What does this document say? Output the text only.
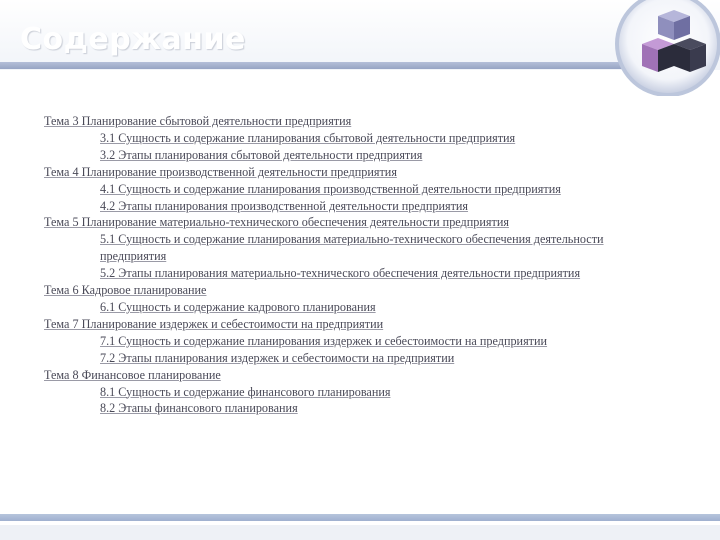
Содержание
Тема 3 Планирование сбытовой деятельности предприятия
3.1 Сущность и содержание планирования сбытовой деятельности предприятия
3.2 Этапы планирования сбытовой деятельности предприятия
Тема 4 Планирование производственной деятельности предприятия
4.1 Сущность и содержание планирования производственной деятельности предприятия
4.2 Этапы планирования производственной деятельности предприятия
Тема 5 Планирование материально-технического обеспечения деятельности предприятия
5.1 Сущность и содержание планирования материально-технического обеспечения деятельности предприятия
5.2 Этапы планирования материально-технического обеспечения деятельности предприятия
Тема 6 Кадровое планирование
6.1 Сущность и содержание кадрового планирования
Тема 7 Планирование издержек и себестоимости на предприятии
7.1 Сущность и содержание планирования издержек и себестоимости на предприятии
7.2 Этапы планирования издержек и себестоимости на предприятии
Тема 8 Финансовое планирование
8.1 Сущность и содержание финансового планирования
8.2 Этапы финансового планирования
